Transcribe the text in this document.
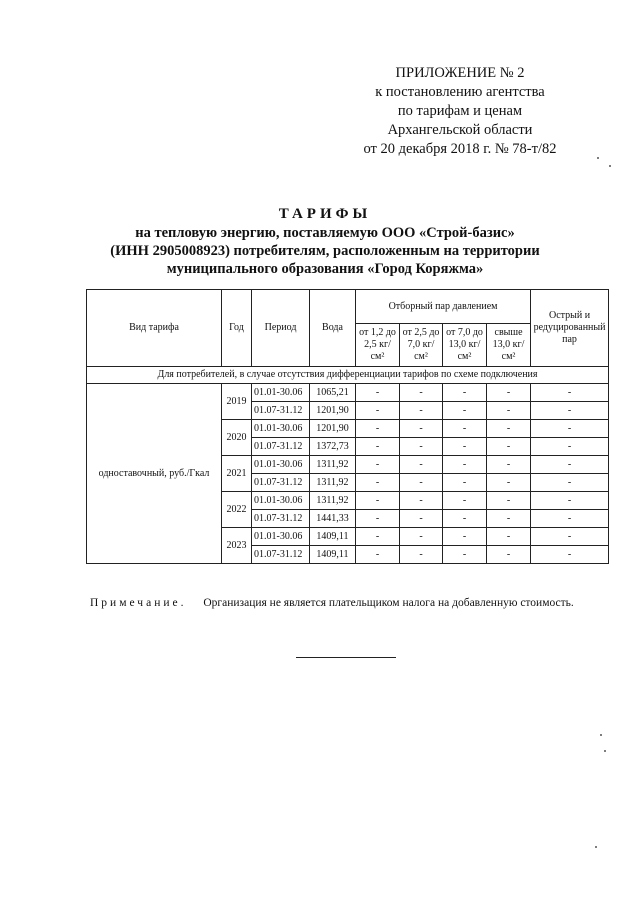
ПРИЛОЖЕНИЕ № 2
к постановлению агентства
по тарифам и ценам
Архангельской области
от 20 декабря 2018 г. № 78-т/82
ТАРИФЫ
на тепловую энергию, поставляемую ООО «Строй-базис»
(ИНН 2905008923) потребителям, расположенным на территории
муниципального образования «Город Коряжма»
Вид тарифа	Год	Период	Вода	Отборный пар давлением				Острый и редуцированный пар
				от 1,2 до 2,5 кг/см²	от 2,5 до 7,0 кг/см²	от 7,0 до 13,0 кг/см²	свыше 13,0 кг/см²	
Для потребителей, в случае отсутствия дифференциации тарифов по схеме подключения								
одноставочный, руб./Гкал	2019	01.01-30.06	1065,21	-	-	-	-	-
		01.07-31.12	1201,90	-	-	-	-	-
	2020	01.01-30.06	1201,90	-	-	-	-	-
		01.07-31.12	1372,73	-	-	-	-	-
	2021	01.01-30.06	1311,92	-	-	-	-	-
		01.07-31.12	1311,92	-	-	-	-	-
	2022	01.01-30.06	1311,92	-	-	-	-	-
		01.07-31.12	1441,33	-	-	-	-	-
	2023	01.01-30.06	1409,11	-	-	-	-	-
		01.07-31.12	1409,11	-	-	-	-	-
Примечание. Организация не является плательщиком налога на добавленную стоимость.
